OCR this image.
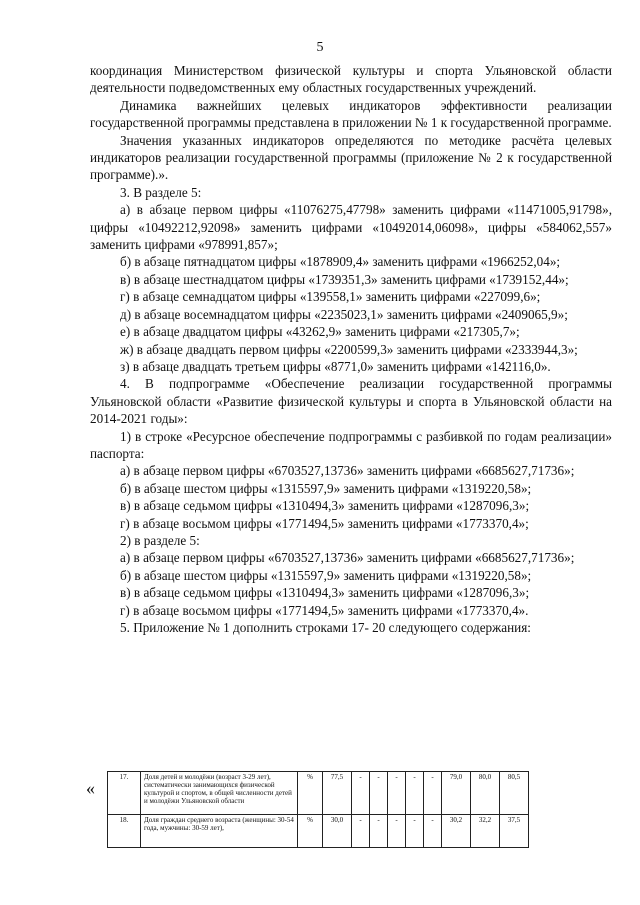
5

координация Министерством физической культуры и спорта Ульяновской области деятельности подведомственных ему областных государственных учреждений.

Динамика важнейших целевых индикаторов эффективности реализации государственной программы представлена в приложении № 1 к государственной программе.

Значения указанных индикаторов определяются по методике расчёта целевых индикаторов реализации государственной программы (приложение № 2 к государственной программе).».

3. В разделе 5:

а) в абзаце первом цифры «11076275,47798» заменить цифрами «11471005,91798», цифры «10492212,92098» заменить цифрами «10492014,06098», цифры «584062,557» заменить цифрами «978991,857»;

б) в абзаце пятнадцатом цифры «1878909,4» заменить цифрами «1966252,04»;

в) в абзаце шестнадцатом цифры «1739351,3» заменить цифрами «1739152,44»;

г) в абзаце семнадцатом цифры «139558,1» заменить цифрами «227099,6»;

д) в абзаце восемнадцатом цифры «2235023,1» заменить цифрами «2409065,9»;

е) в абзаце двадцатом цифры «43262,9» заменить цифрами «217305,7»;

ж) в абзаце двадцать первом цифры «2200599,3» заменить цифрами «2333944,3»;

з) в абзаце двадцать третьем цифры «8771,0» заменить цифрами «142116,0».

4. В подпрограмме «Обеспечение реализации государственной программы Ульяновской области «Развитие физической культуры и спорта в Ульяновской области на 2014-2021 годы»:

1) в строке «Ресурсное обеспечение подпрограммы с разбивкой по годам реализации» паспорта:

а) в абзаце первом цифры «6703527,13736» заменить цифрами «6685627,71736»;

б) в абзаце шестом цифры «1315597,9» заменить цифрами «1319220,58»;

в) в абзаце седьмом цифры «1310494,3» заменить цифрами «1287096,3»;

г) в абзаце восьмом цифры «1771494,5» заменить цифрами «1773370,4»;

2) в разделе 5:

а) в абзаце первом цифры «6703527,13736» заменить цифрами «6685627,71736»;

б) в абзаце шестом цифры «1315597,9» заменить цифрами «1319220,58»;

в) в абзаце седьмом цифры «1310494,3» заменить цифрами «1287096,3»;

г) в абзаце восьмом цифры «1771494,5» заменить цифрами «1773370,4».

5. Приложение № 1 дополнить строками 17- 20 следующего содержания:

«
17.	Доля детей и молодёжи (возраст 3-29 лет), систематически занимающихся физической культурой и спортом, в общей численности детей и молодёжи Ульяновской области	%	77,5	-	-	-	-	-	79,0	80,0	80,5
18.	Доля граждан среднего возраста (женщины: 30-54 года, мужчины: 30-59 лет),	%	30,0	-	-	-	-	-	30,2	32,2	37,5
